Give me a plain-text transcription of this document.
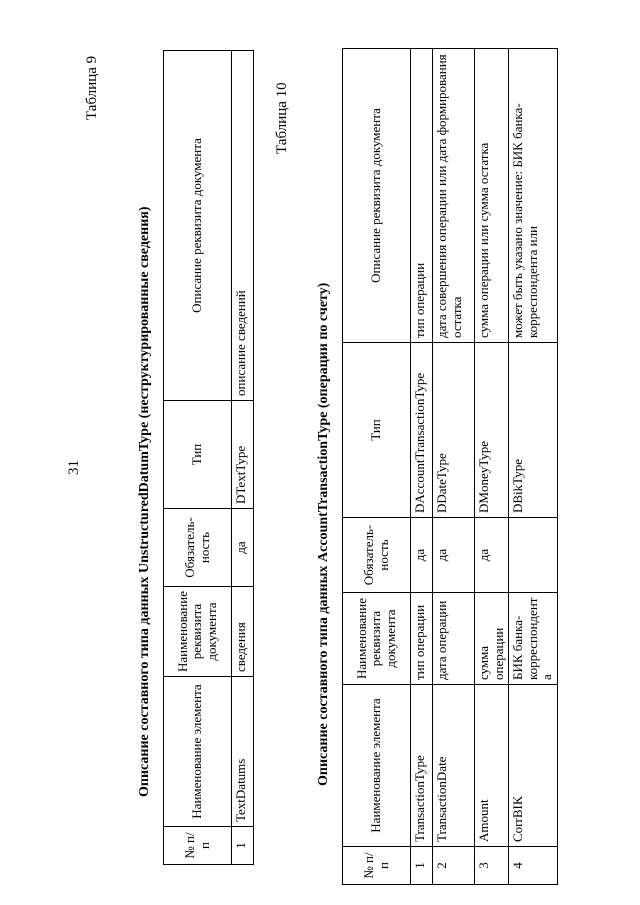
31
Таблица 9
Описание составного типа данных UnstructuredDatumType (неструктурированные сведения)
№ п/п	Наименование элемента	Наименование реквизита документа	Обязатель-ность	Тип	Описание реквизита документа
1	TextDatums	сведения	да	DTextType	описание сведений
Таблица 10
Описание составного типа данных AccountTransactionType (операции по счету)
№ п/п	Наименование элемента	Наименование реквизита документа	Обязатель-ность	Тип	Описание реквизита документа
1	TransactionType	тип операции	да	DAccountTransactionType	тип операции
2	TransactionDate	дата операции	да	DDateType	дата совершения операции или дата формирования остатка
3	Amount	сумма операции	да	DMoneyType	сумма операции или сумма остатка
4	CorrBIK	БИК банка-корреспондента		DBikType	может быть указано значение: БИК банка-корреспондента или
